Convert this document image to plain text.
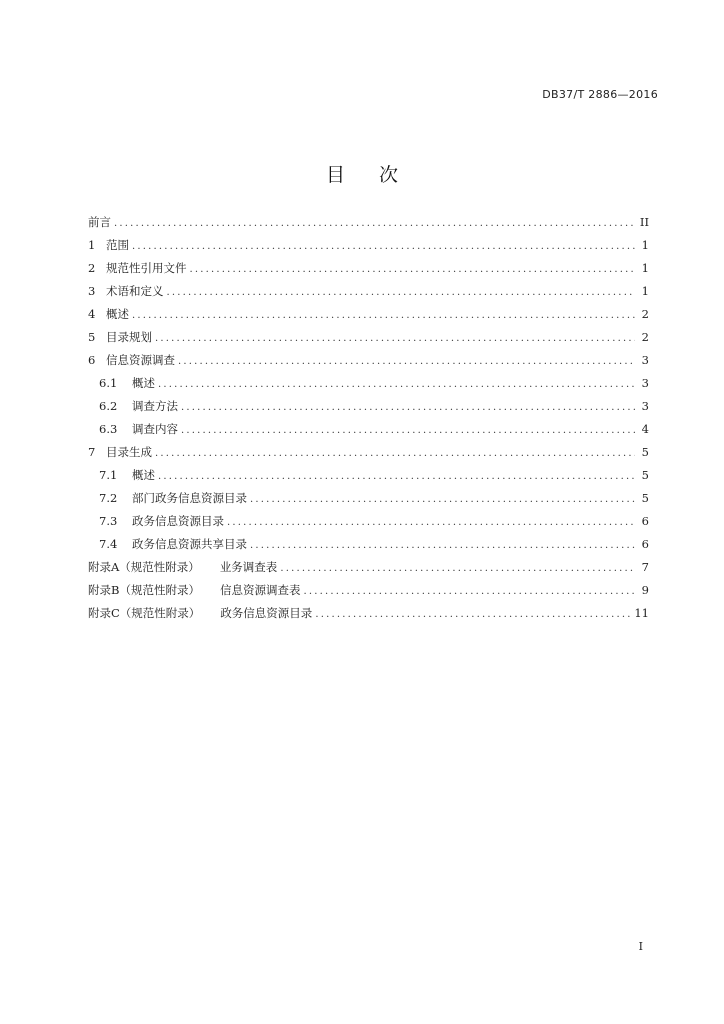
DB37/T 2886—2016
目 次
前言 .....	II
1 范围 .....	1
2 规范性引用文件 .....	1
3 术语和定义 .....	1
4 概述 .....	2
5 目录规划 .....	2
6 信息资源调查 .....	3
6.1	概述 .....	3
6.2	调查方法 .....	3
6.3	调查内容 .....	4
7 目录生成 .....	5
7.1	概述 .....	5
7.2	部门政务信息资源目录 .....	5
7.3	政务信息资源目录 .....	6
7.4	政务信息资源共享目录 .....	6
附录A（规范性附录） 业务调查表 .....	7
附录B（规范性附录） 信息资源调查表 .....	9
附录C（规范性附录） 政务信息资源目录 .....	11
I
